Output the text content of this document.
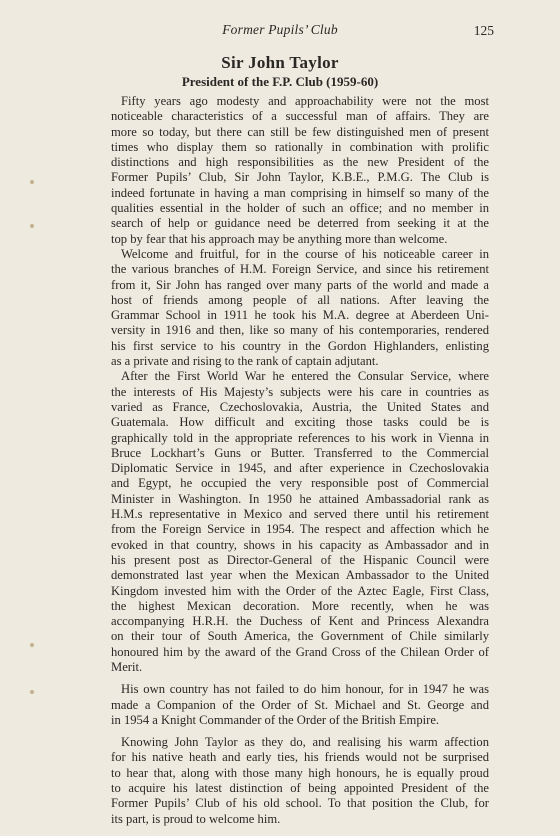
Former Pupils’ Club	125
Sir John Taylor
President of the F.P. Club (1959-60)
Fifty years ago modesty and approachability were not the most
noticeable characteristics of a successful man of affairs. They are
more so today, but there can still be few distinguished men of present
times who display them so rationally in combination with prolific
distinctions and high responsibilities as the new President of the
Former Pupils’ Club, Sir John Taylor, K.B.E., P.M.G. The Club is
indeed fortunate in having a man comprising in himself so many of the
qualities essential in the holder of such an office; and no member in
search of help or guidance need be deterred from seeking it at the
top by fear that his approach may be anything more than welcome.
Welcome and fruitful, for in the course of his noticeable career in
the various branches of H.M. Foreign Service, and since his retirement
from it, Sir John has ranged over many parts of the world and made a
host of friends among people of all nations. After leaving the
Grammar School in 1911 he took his M.A. degree at Aberdeen Uni-
versity in 1916 and then, like so many of his contemporaries, rendered
his first service to his country in the Gordon Highlanders, enlisting
as a private and rising to the rank of captain adjutant.
After the First World War he entered the Consular Service, where
the interests of His Majesty’s subjects were his care in countries as
varied as France, Czechoslovakia, Austria, the United States and
Guatemala. How difficult and exciting those tasks could be is
graphically told in the appropriate references to his work in Vienna in
Bruce Lockhart’s Guns or Butter. Transferred to the Commercial
Diplomatic Service in 1945, and after experience in Czechoslovakia
and Egypt, he occupied the very responsible post of Commercial
Minister in Washington. In 1950 he attained Ambassadorial rank as
H.M.s representative in Mexico and served there until his retirement
from the Foreign Service in 1954. The respect and affection which he
evoked in that country, shows in his capacity as Ambassador and in
his present post as Director-General of the Hispanic Council were
demonstrated last year when the Mexican Ambassador to the United
Kingdom invested him with the Order of the Aztec Eagle, First Class,
the highest Mexican decoration. More recently, when he was
accompanying H.R.H. the Duchess of Kent and Princess Alexandra
on their tour of South America, the Government of Chile similarly
honoured him by the award of the Grand Cross of the Chilean Order of
Merit.
His own country has not failed to do him honour, for in 1947 he was
made a Companion of the Order of St. Michael and St. George and
in 1954 a Knight Commander of the Order of the British Empire.
Knowing John Taylor as they do, and realising his warm affection
for his native heath and early ties, his friends would not be surprised
to hear that, along with those many high honours, he is equally proud
to acquire his latest distinction of being appointed President of the
Former Pupils’ Club of his old school. To that position the Club, for
its part, is proud to welcome him.
